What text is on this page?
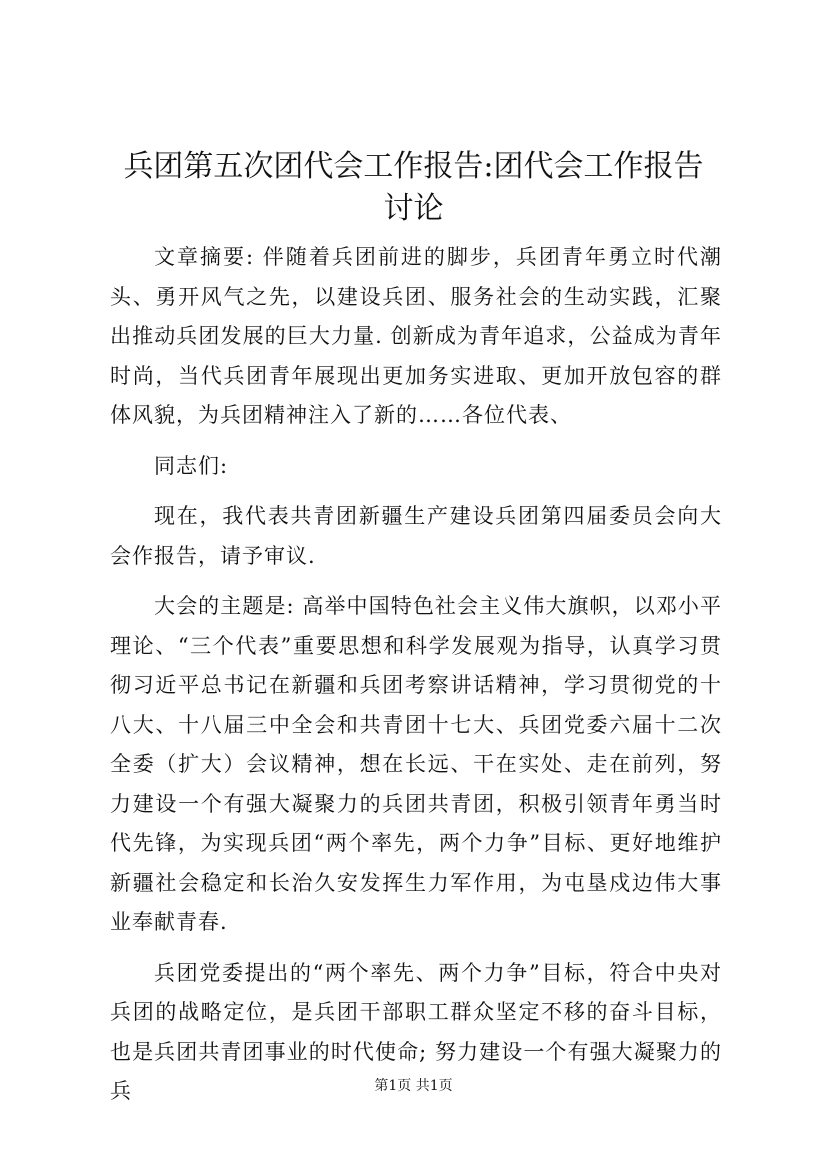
兵团第五次团代会工作报告:团代会工作报告
讨论

文章摘要: 伴随着兵团前进的脚步，兵团青年勇立时代潮头、勇开风气之先，以建设兵团、服务社会的生动实践，汇聚出推动兵团发展的巨大力量. 创新成为青年追求，公益成为青年时尚，当代兵团青年展现出更加务实进取、更加开放包容的群体风貌，为兵团精神注入了新的……各位代表、

同志们:

现在，我代表共青团新疆生产建设兵团第四届委员会向大会作报告，请予审议.

大会的主题是: 高举中国特色社会主义伟大旗帜，以邓小平理论、“三个代表”重要思想和科学发展观为指导，认真学习贯彻习近平总书记在新疆和兵团考察讲话精神，学习贯彻党的十八大、十八届三中全会和共青团十七大、兵团党委六届十二次全委（扩大）会议精神，想在长远、干在实处、走在前列，努力建设一个有强大凝聚力的兵团共青团，积极引领青年勇当时代先锋，为实现兵团“两个率先，两个力争”目标、更好地维护新疆社会稳定和长治久安发挥生力军作用，为屯垦戍边伟大事业奉献青春.

兵团党委提出的“两个率先、两个力争”目标，符合中央对兵团的战略定位，是兵团干部职工群众坚定不移的奋斗目标，也是兵团共青团事业的时代使命; 努力建设一个有强大凝聚力的兵	第1页 共1页
